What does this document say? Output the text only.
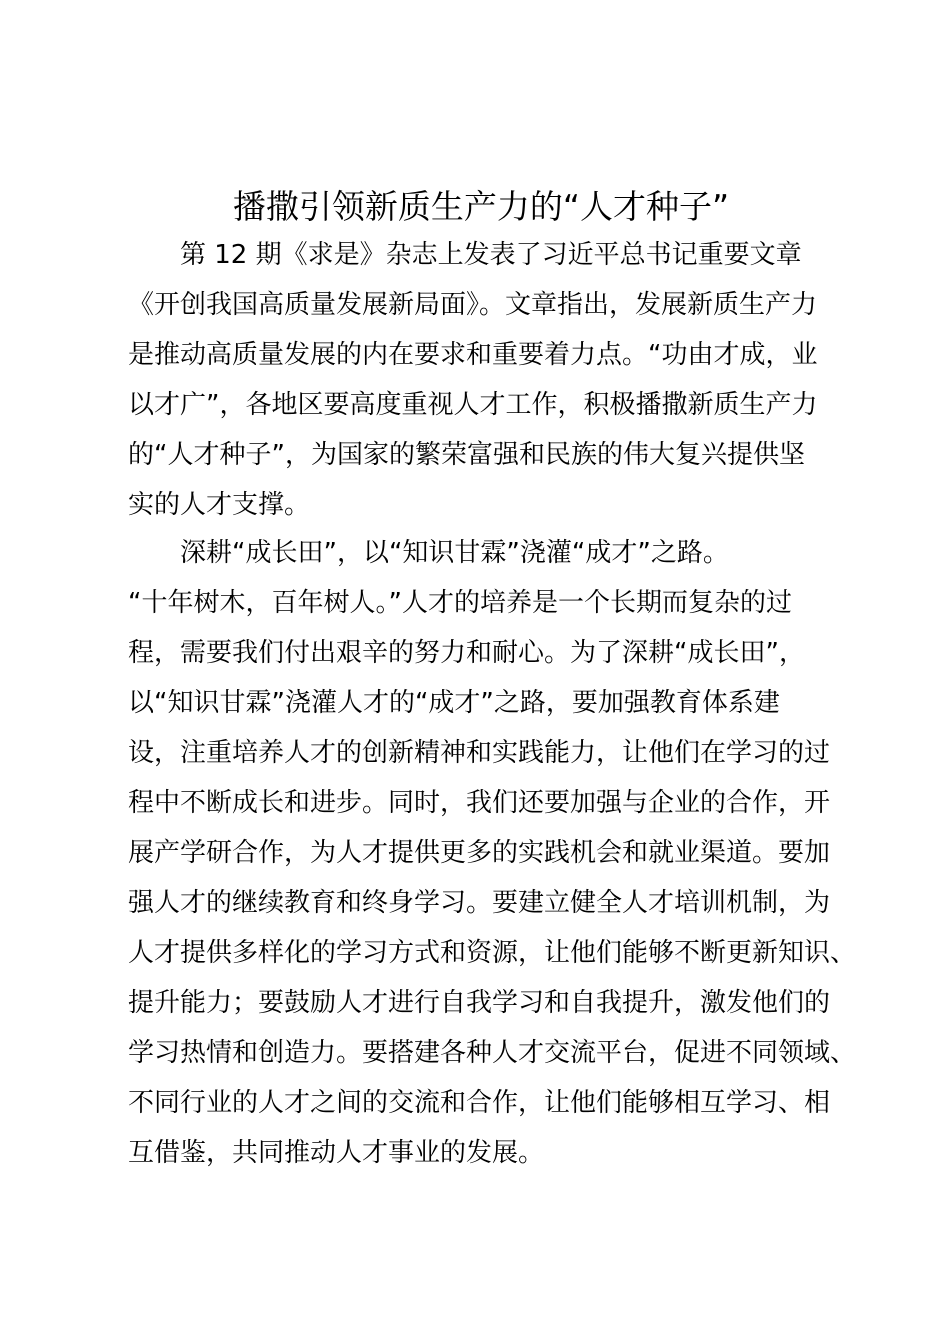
播撒引领新质生产力的“人才种子”
第 12 期《求是》杂志上发表了习近平总书记重要文章
《开创我国高质量发展新局面》。文章指出，发展新质生产力
是推动高质量发展的内在要求和重要着力点。“功由才成，业
以才广”，各地区要高度重视人才工作，积极播撒新质生产力
的“人才种子”，为国家的繁荣富强和民族的伟大复兴提供坚
实的人才支撑。
深耕“成长田”，以“知识甘霖”浇灌“成才”之路。
“十年树木，百年树人。”人才的培养是一个长期而复杂的过
程，需要我们付出艰辛的努力和耐心。为了深耕“成长田”，
以“知识甘霖”浇灌人才的“成才”之路，要加强教育体系建
设，注重培养人才的创新精神和实践能力，让他们在学习的过
程中不断成长和进步。同时，我们还要加强与企业的合作，开
展产学研合作，为人才提供更多的实践机会和就业渠道。要加
强人才的继续教育和终身学习。要建立健全人才培训机制，为
人才提供多样化的学习方式和资源，让他们能够不断更新知识、
提升能力；要鼓励人才进行自我学习和自我提升，激发他们的
学习热情和创造力。要搭建各种人才交流平台，促进不同领域、
不同行业的人才之间的交流和合作，让他们能够相互学习、相
互借鉴，共同推动人才事业的发展。
